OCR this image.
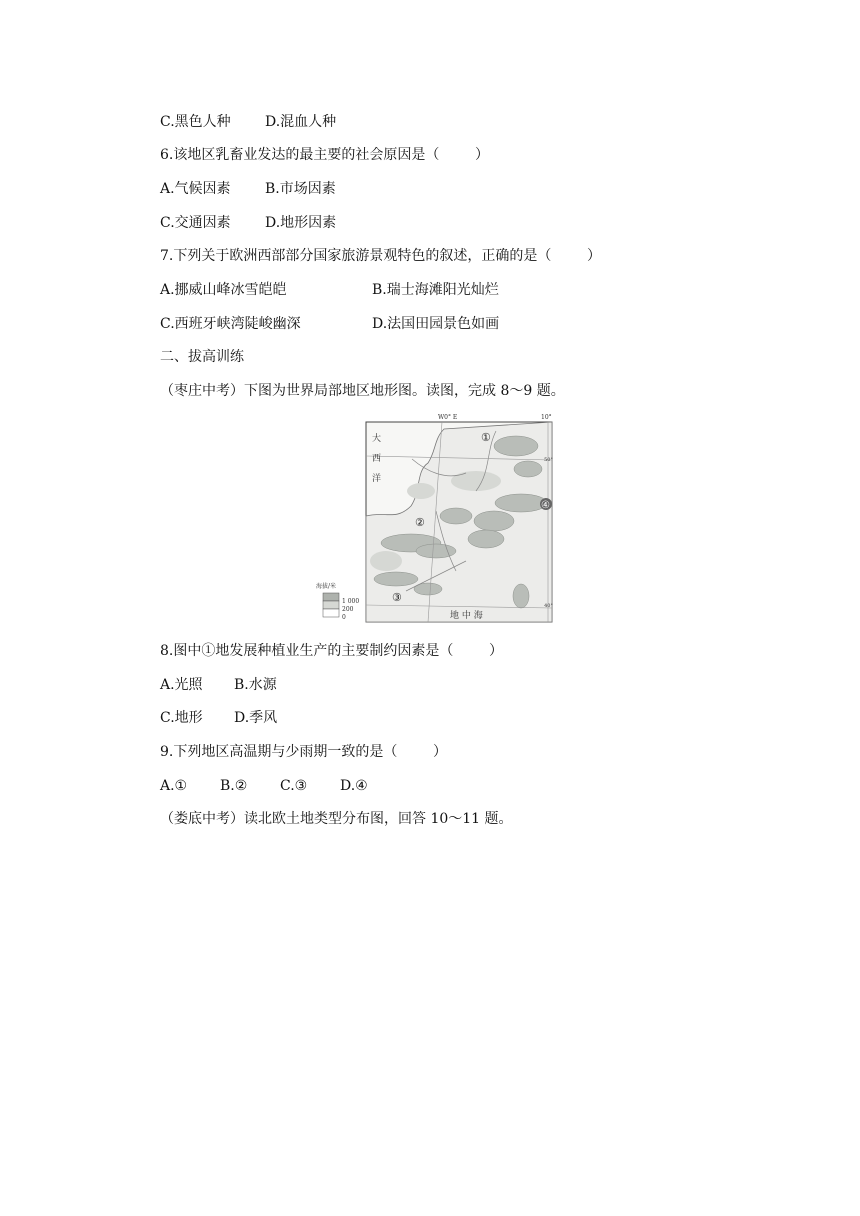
C.黑色人种 D.混血人种
6.该地区乳畜业发达的最主要的社会原因是（        ）
A.气候因素 B.市场因素
C.交通因素 D.地形因素
7.下列关于欧洲西部部分国家旅游景观特色的叙述，正确的是（        ）
A.挪威山峰冰雪皑皑	B.瑞士海滩阳光灿烂
C.西班牙峡湾陡峻幽深	D.法国田园景色如画
二、拔高训练
（枣庄中考）下图为世界局部地区地形图。读图，完成 8～9 题。
W0° E	10°
50°
40°
大
西
洋
地 中 海
①
②
③
④
海拔/米
1 000
200
0
8.图中①地发展种植业生产的主要制约因素是（        ）
A.光照 B.水源
C.地形 D.季风
9.下列地区高温期与少雨期一致的是（        ）
A.① B.② C.③ D.④
（娄底中考）读北欧土地类型分布图，回答 10～11 题。
